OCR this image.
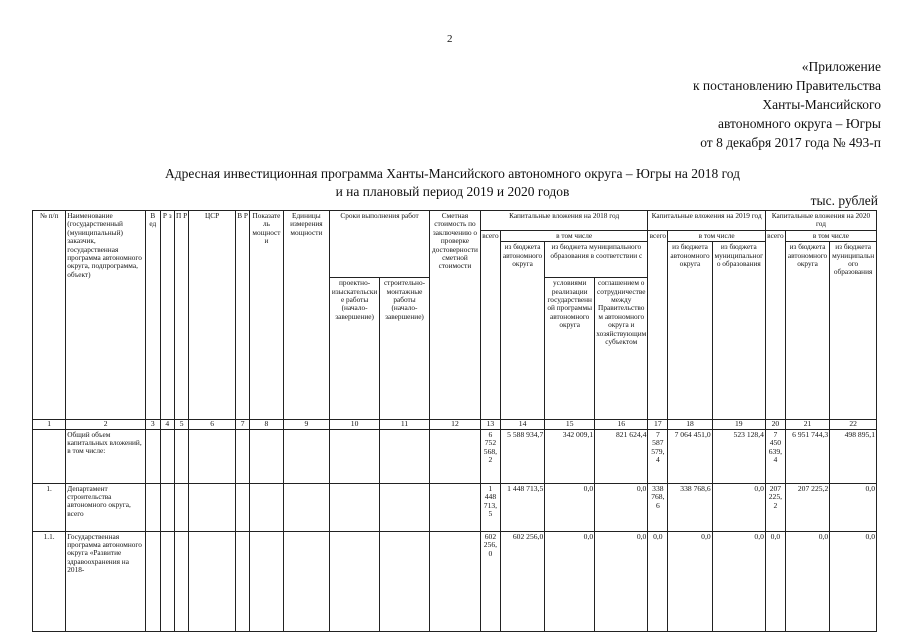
2
«Приложение
к постановлению Правительства
Ханты-Мансийского
автономного округа – Югры
от 8 декабря 2017 года № 493-п
Адресная инвестиционная программа Ханты-Мансийского автономного округа – Югры на 2018 год
и на плановый период 2019 и 2020 годов
тыс. рублей
№ п/п	Наименование (государственный (муниципальный) заказчик, государственная программа автономного округа, подпрограмма, объект)	В ед	Р з	П Р	ЦСР	В Р	Показатель мощности	Единицы измерения мощности	Сроки выполнения работ		Сметная стоимость по заключению о проверке достоверности сметной стоимости	Капитальные вложения на 2018 год				Капитальные вложения на 2019 год			Капитальные вложения на 2020 год		
												всего	в том числе			всего	в том числе		всего	в том числе	
													из бюджета автономного округа	из бюджета муниципального образования в соответствии с			из бюджета автономного округа	из бюджета муниципального образования		из бюджета автономного округа	из бюджета муниципального образования
									проектно-изыскательские работы (начало-завершение)	строительно-монтажные работы (начало-завершение)				условиями реализации государственной программы автономного округа	соглашением о сотрудничестве между Правительством автономного округа и хозяйствующим субъектом						

1	2	3	4	5	6	7	8	9	10	11	12	13	14	15	16	17	18	19	20	21	22
	Общий объем капитальных вложений, в том числе:											6 752 568,2	5 588 934,7	342 009,1	821 624,4	7 587 579,4	7 064 451,0	523 128,4	7 450 639,4	6 951 744,3	498 895,1
1.	Департамент строительства автономного округа, всего											1 448 713,5	1 448 713,5	0,0	0,0	338 768,6	338 768,6	0,0	207 225,2	207 225,2	0,0
1.1.	Государственная программа автономного округа «Развитие здравоохранения на 2018-											602 256,0	602 256,0	0,0	0,0	0,0	0,0	0,0	0,0	0,0	0,0
